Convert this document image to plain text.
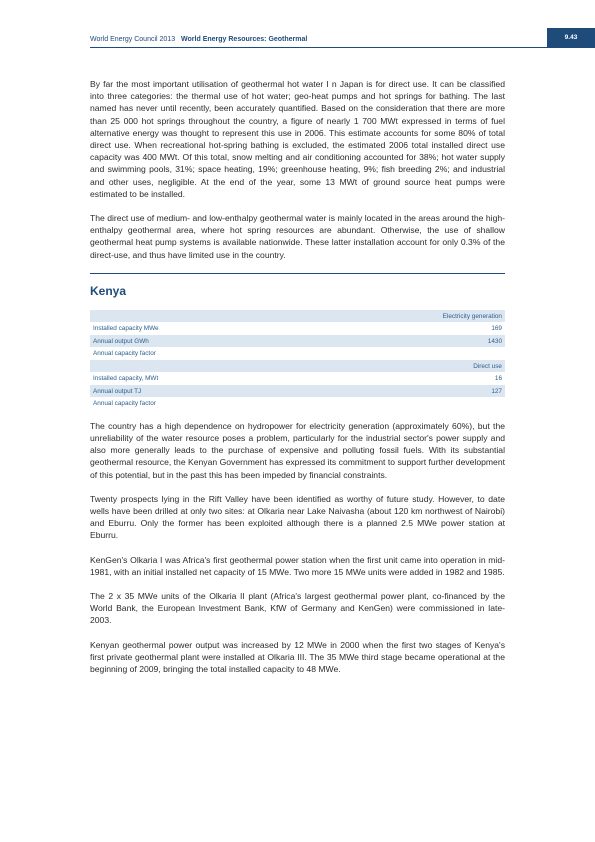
World Energy Council 2013 World Energy Resources: Geothermal	9.43

By far the most important utilisation of geothermal hot water I n Japan is for direct use. It can be classified into three categories: the thermal use of hot water; geo-heat pumps and hot springs for bathing. The last named has never until recently, been accurately quantified. Based on the consideration that there are more than 25 000 hot springs throughout the country, a figure of nearly 1 700 MWt expressed in terms of fuel alternative energy was thought to represent this use in 2006. This estimate accounts for some 80% of total direct use. When recreational hot-spring bathing is excluded, the estimated 2006 total installed direct use capacity was 400 MWt. Of this total, snow melting and air conditioning accounted for 38%; hot water supply and swimming pools, 31%; space heating, 19%; greenhouse heating, 9%; fish breeding 2%; and industrial and other uses, negligible. At the end of the year, some 13 MWt of ground source heat pumps were estimated to be installed.

The direct use of medium- and low-enthalpy geothermal water is mainly located in the areas around the high-enthalpy geothermal area, where hot spring resources are abundant. Otherwise, the use of shallow geothermal heat pump systems is available nationwide. These latter installation account for only 0.3% of the direct-use, and thus have limited use in the country.

Kenya
Electricity generation	
Installed capacity MWe	169
Annual output GWh	1430
Annual capacity factor	
Direct use	
Installed capacity, MWt	16
Annual output TJ	127
Annual capacity factor	

The country has a high dependence on hydropower for electricity generation (approximately 60%), but the unreliability of the water resource poses a problem, particularly for the industrial sector's power supply and also more generally leads to the purchase of expensive and polluting fossil fuels. With its substantial geothermal resource, the Kenyan Government has expressed its commitment to support further development of this potential, but in the past this has been impeded by financial constraints.

Twenty prospects lying in the Rift Valley have been identified as worthy of future study. However, to date wells have been drilled at only two sites: at Olkaria near Lake Naivasha (about 120 km northwest of Nairobi) and Eburru. Only the former has been exploited although there is a planned 2.5 MWe power station at Eburru.

KenGen's Olkaria I was Africa's first geothermal power station when the first unit came into operation in mid-1981, with an initial installed net capacity of 15 MWe. Two more 15 MWe units were added in 1982 and 1985.

The 2 x 35 MWe units of the Olkaria II plant (Africa's largest geothermal power plant, co-financed by the World Bank, the European Investment Bank, KfW of Germany and KenGen) were commissioned in late-2003.

Kenyan geothermal power output was increased by 12 MWe in 2000 when the first two stages of Kenya's first private geothermal plant were installed at Olkaria III. The 35 MWe third stage became operational at the beginning of 2009, bringing the total installed capacity to 48 MWe.
